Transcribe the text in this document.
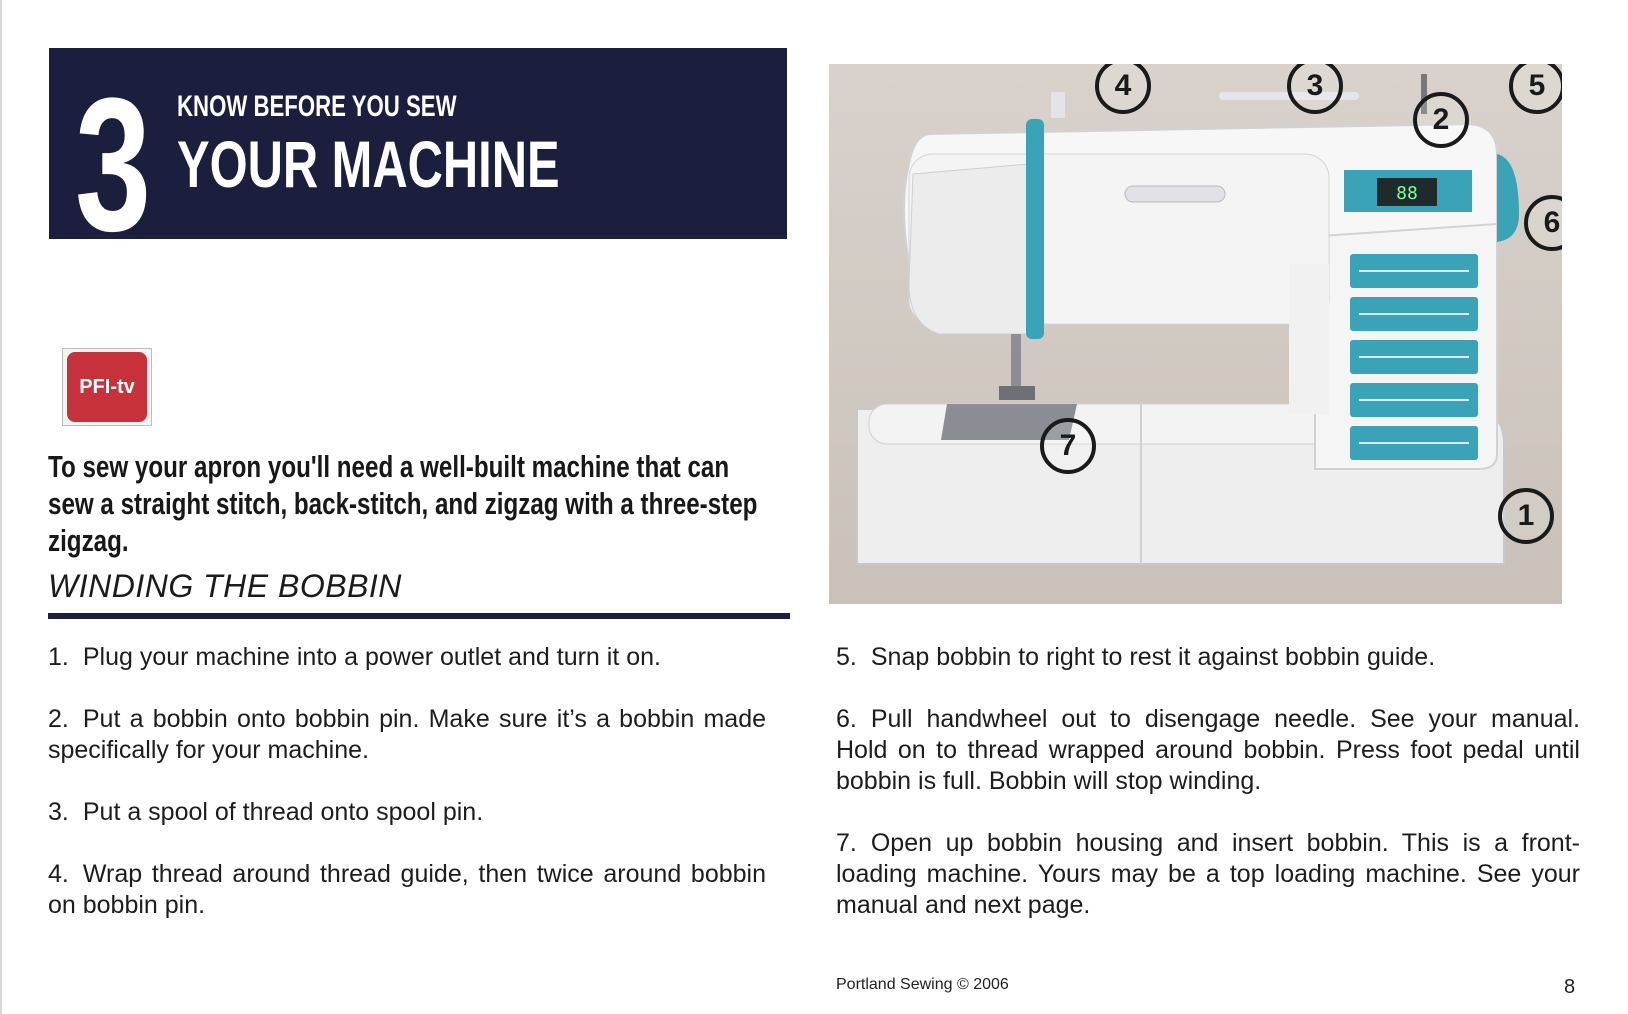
3 KNOW BEFORE YOU SEW
YOUR MACHINE
PFI-tv
To sew your apron you'll need a well-built machine that can sew a straight stitch, back-stitch, and zigzag with a three-step zigzag.
WINDING THE BOBBIN

1. Plug your machine into a power outlet and turn it on.

2. Put a bobbin onto bobbin pin. Make sure it’s a bobbin made specifically for your machine.

3. Put a spool of thread onto spool pin.

4. Wrap thread around thread guide, then twice around bobbin on bobbin pin.

5. Snap bobbin to right to rest it against bobbin guide.

6. Pull handwheel out to disengage needle. See your manual. Hold on to thread wrapped around bobbin. Press foot pedal until bobbin is full. Bobbin will stop winding.

7. Open up bobbin housing and insert bobbin. This is a front-loading machine. Yours may be a top loading machine. See your manual and next page.

88
4	3
2
5
6
7
1
Portland Sewing © 2006	8
